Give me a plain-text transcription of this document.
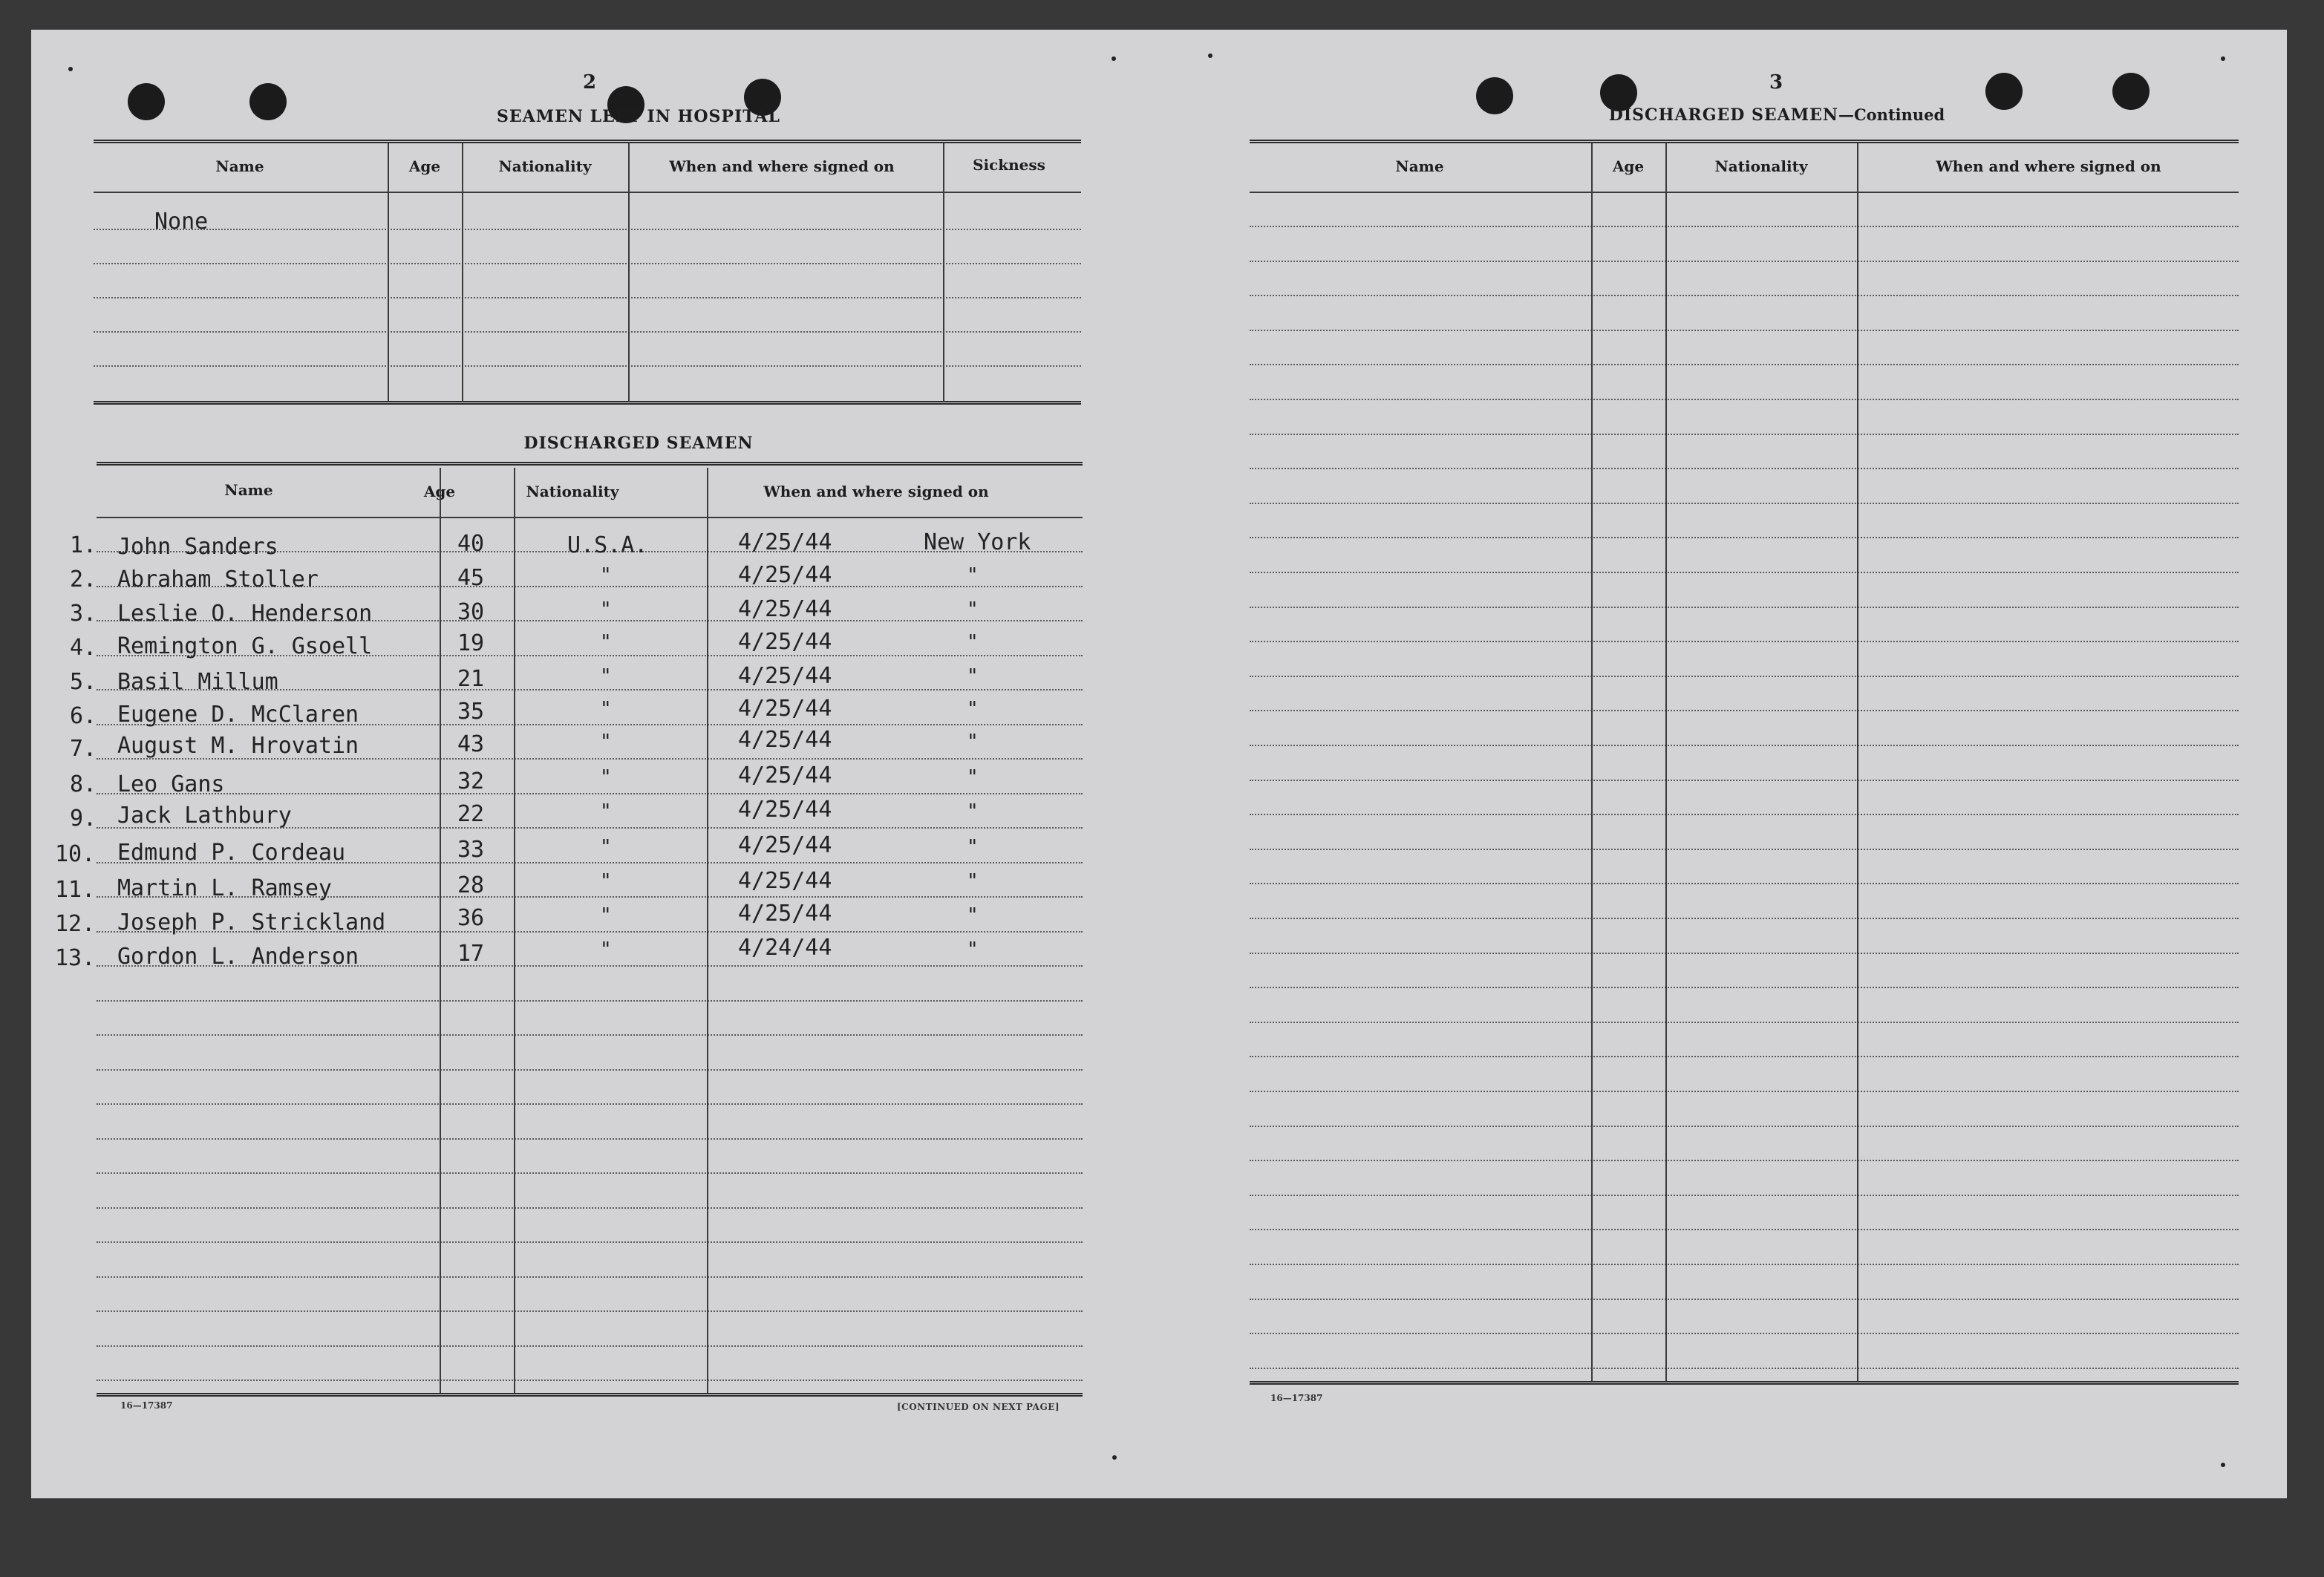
2
SEAMEN LEFT IN HOSPITAL
Name	Age	Nationality	When and where signed on	Sickness
None
DISCHARGED SEAMEN
Name	Age	Nationality	When and where signed on
1. John Sanders	40	U.S.A.	4/25/44	New York
2. Abraham Stoller	45	"	4/25/44	"
3. Leslie O. Henderson	30	"	4/25/44	"
4. Remington G. Gsoell	19	"	4/25/44	"
5. Basil Millum	21	"	4/25/44	"
6. Eugene D. McClaren	35	"	4/25/44	"
7. August M. Hrovatin	43	"	4/25/44	"
8. Leo Gans	32	"	4/25/44	"
9. Jack Lathbury	22	"	4/25/44	"
10. Edmund P. Cordeau	33	"	4/25/44	"
11. Martin L. Ramsey	28	"	4/25/44	"
12. Joseph P. Strickland	36	"	4/25/44	"
13. Gordon L. Anderson	17	"	4/24/44	"
16—17387	[CONTINUED ON NEXT PAGE]
3
DISCHARGED SEAMEN—Continued
Name	Age	Nationality	When and where signed on
16—17387
